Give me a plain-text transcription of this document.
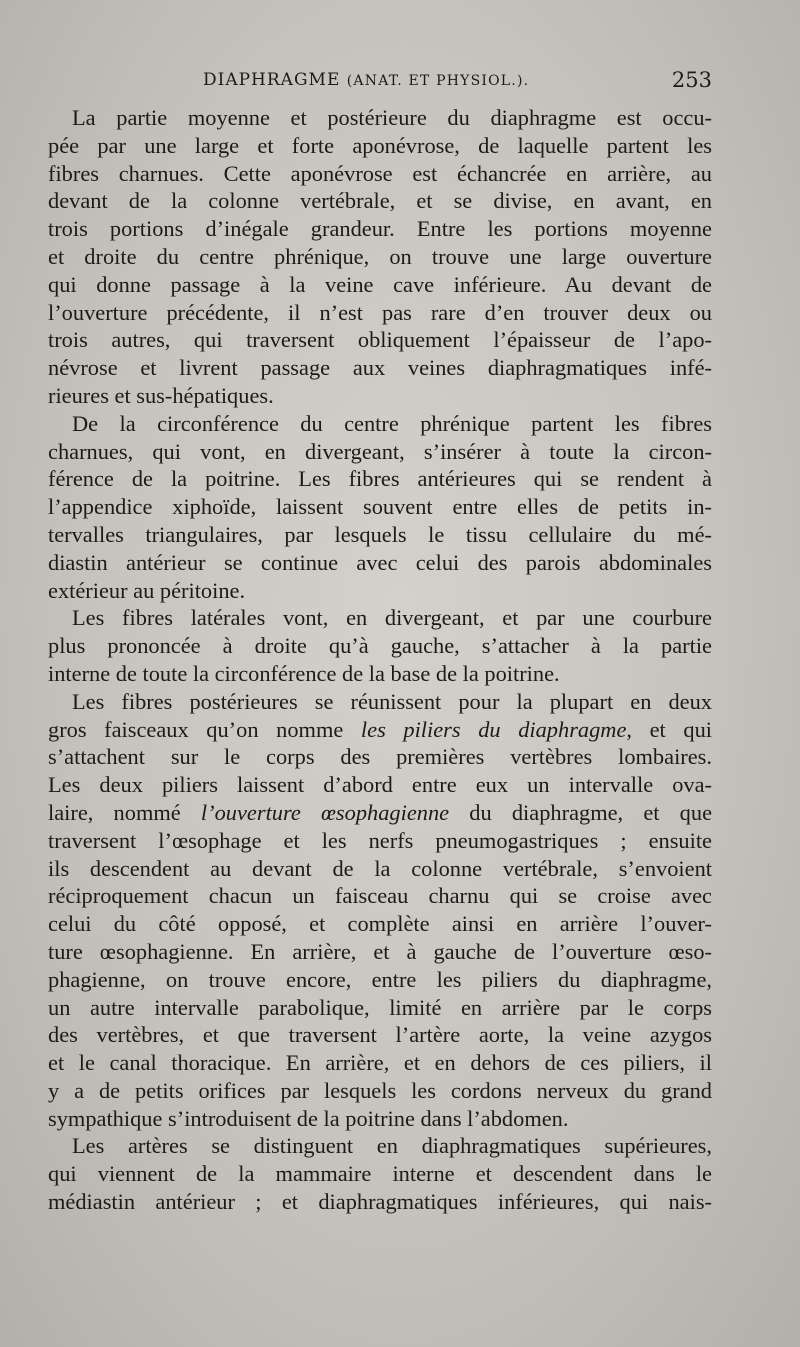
DIAPHRAGME (ANAT. ET PHYSIOL.).	253
La partie moyenne et postérieure du diaphragme est occu-
pée par une large et forte aponévrose, de laquelle partent les
fibres charnues. Cette aponévrose est échancrée en arrière, au
devant de la colonne vertébrale, et se divise, en avant, en
trois portions d’inégale grandeur. Entre les portions moyenne
et droite du centre phrénique, on trouve une large ouverture
qui donne passage à la veine cave inférieure. Au devant de
l’ouverture précédente, il n’est pas rare d’en trouver deux ou
trois autres, qui traversent obliquement l’épaisseur de l’apo-
névrose et livrent passage aux veines diaphragmatiques infé-
rieures et sus-hépatiques.
De la circonférence du centre phrénique partent les fibres
charnues, qui vont, en divergeant, s’insérer à toute la circon-
férence de la poitrine. Les fibres antérieures qui se rendent à
l’appendice xiphoïde, laissent souvent entre elles de petits in-
tervalles triangulaires, par lesquels le tissu cellulaire du mé-
diastin antérieur se continue avec celui des parois abdominales
extérieur au péritoine.
Les fibres latérales vont, en divergeant, et par une courbure
plus prononcée à droite qu’à gauche, s’attacher à la partie
interne de toute la circonférence de la base de la poitrine.
Les fibres postérieures se réunissent pour la plupart en deux
gros faisceaux qu’on nomme les piliers du diaphragme, et qui
s’attachent sur le corps des premières vertèbres lombaires.
Les deux piliers laissent d’abord entre eux un intervalle ova-
laire, nommé l’ouverture œsophagienne du diaphragme, et que
traversent l’œsophage et les nerfs pneumogastriques ; ensuite
ils descendent au devant de la colonne vertébrale, s’envoient
réciproquement chacun un faisceau charnu qui se croise avec
celui du côté opposé, et complète ainsi en arrière l’ouver-
ture œsophagienne. En arrière, et à gauche de l’ouverture œso-
phagienne, on trouve encore, entre les piliers du diaphragme,
un autre intervalle parabolique, limité en arrière par le corps
des vertèbres, et que traversent l’artère aorte, la veine azygos
et le canal thoracique. En arrière, et en dehors de ces piliers, il
y a de petits orifices par lesquels les cordons nerveux du grand
sympathique s’introduisent de la poitrine dans l’abdomen.
Les artères se distinguent en diaphragmatiques supérieures,
qui viennent de la mammaire interne et descendent dans le
médiastin antérieur ; et diaphragmatiques inférieures, qui nais-
